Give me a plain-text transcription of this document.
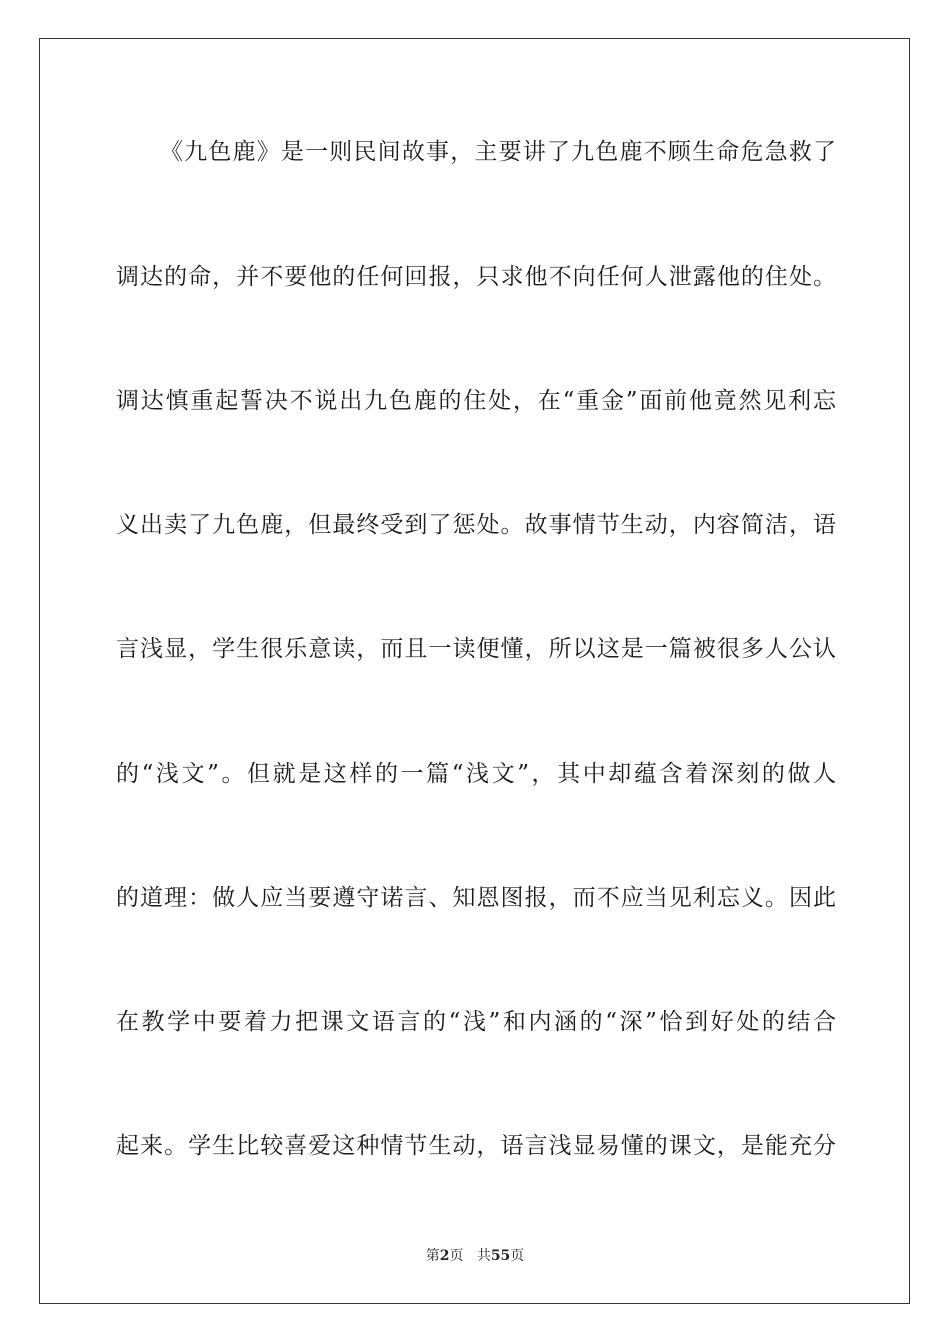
《九色鹿》是一则民间故事，主要讲了九色鹿不顾生命危急救了
调达的命，并不要他的任何回报，只求他不向任何人泄露他的住处。
调达慎重起誓决不说出九色鹿的住处，在“重金”面前他竟然见利忘
义出卖了九色鹿，但最终受到了惩处。故事情节生动，内容简洁，语
言浅显，学生很乐意读，而且一读便懂，所以这是一篇被很多人公认
的“浅文”。但就是这样的一篇“浅文”，其中却蕴含着深刻的做人
的道理：做人应当要遵守诺言、知恩图报，而不应当见利忘义。因此
在教学中要着力把课文语言的“浅”和内涵的“深”恰到好处的结合
起来。学生比较喜爱这种情节生动，语言浅显易懂的课文，是能充分
第2页 共55页
